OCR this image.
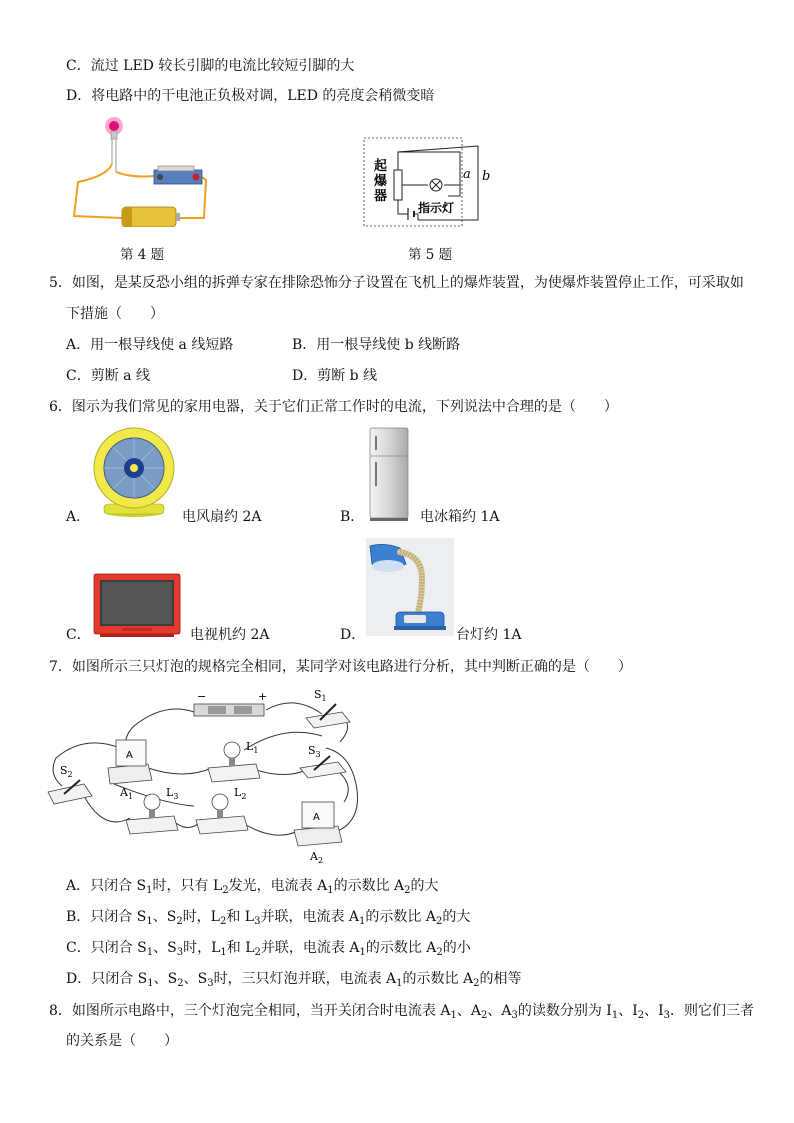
C．流过 LED 较长引脚的电流比较短引脚的大
D．将电路中的干电池正负极对调，LED 的亮度会稍微变暗
第 4 题
起
爆
器
指示灯
a b
第 5 题
5．如图，是某反恐小组的拆弹专家在排除恐怖分子设置在飞机上的爆炸装置，为使爆炸装置停止工作，可采取如
下措施（　　）
A．用一根导线使 a 线短路	B．用一根导线使 b 线断路
C．剪断 a 线	D．剪断 b 线
6．图示为我们常见的家用电器，关于它们正常工作时的电流，下列说法中合理的是（　　）
A．	电风扇约 2A	B．	电冰箱约 1A
C．	电视机约 2A	D．	台灯约 1A
7．如图所示三只灯泡的规格完全相同，某同学对该电路进行分析，其中判断正确的是（　　）
−	+	$S_1$
$S_3$
$S_2$
A
$A_1$
$L_1$
$L_3$	$L_2$
A
$A_2$
A．只闭合 $S_1$时，只有 $L_2$发光，电流表 $A_1$的示数比 $A_2$的大
B．只闭合 $S_1$、$S_2$时，$L_2$和 $L_3$并联，电流表 $A_1$的示数比 $A_2$的大
C．只闭合 $S_1$、$S_3$时，$L_1$和 $L_2$并联，电流表 $A_1$的示数比 $A_2$的小
D．只闭合 $S_1$、$S_2$、$S_3$时，三只灯泡并联，电流表 $A_1$的示数比 $A_2$的相等
8．如图所示电路中，三个灯泡完全相同，当开关闭合时电流表 $A_1$、$A_2$、$A_3$的读数分别为 $I_1$、$I_2$、$I_3$．则它们三者
的关系是（　　）
